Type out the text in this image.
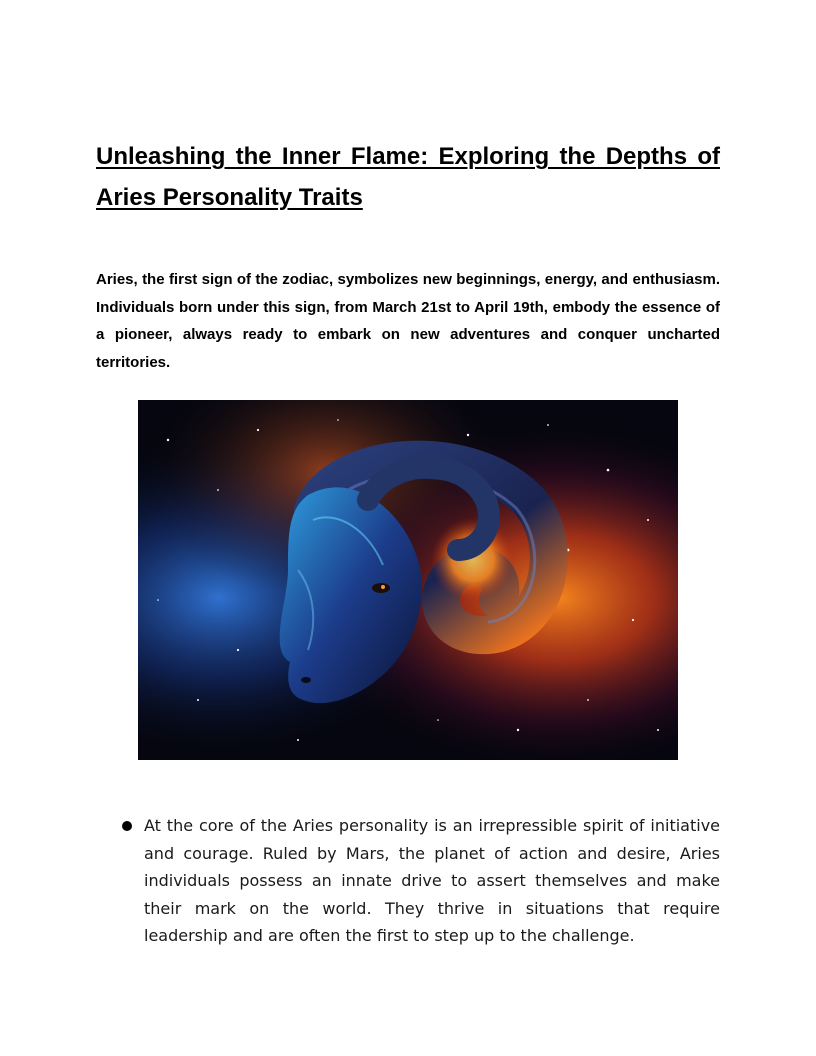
Unleashing the Inner Flame: Exploring the Depths of Aries Personality Traits

Aries, the first sign of the zodiac, symbolizes new beginnings, energy, and enthusiasm. Individuals born under this sign, from March 21st to April 19th, embody the essence of a pioneer, always ready to embark on new adventures and conquer uncharted territories.

At the core of the Aries personality is an irrepressible spirit of initiative and courage. Ruled by Mars, the planet of action and desire, Aries individuals possess an innate drive to assert themselves and make their mark on the world. They thrive in situations that require leadership and are often the first to step up to the challenge.
